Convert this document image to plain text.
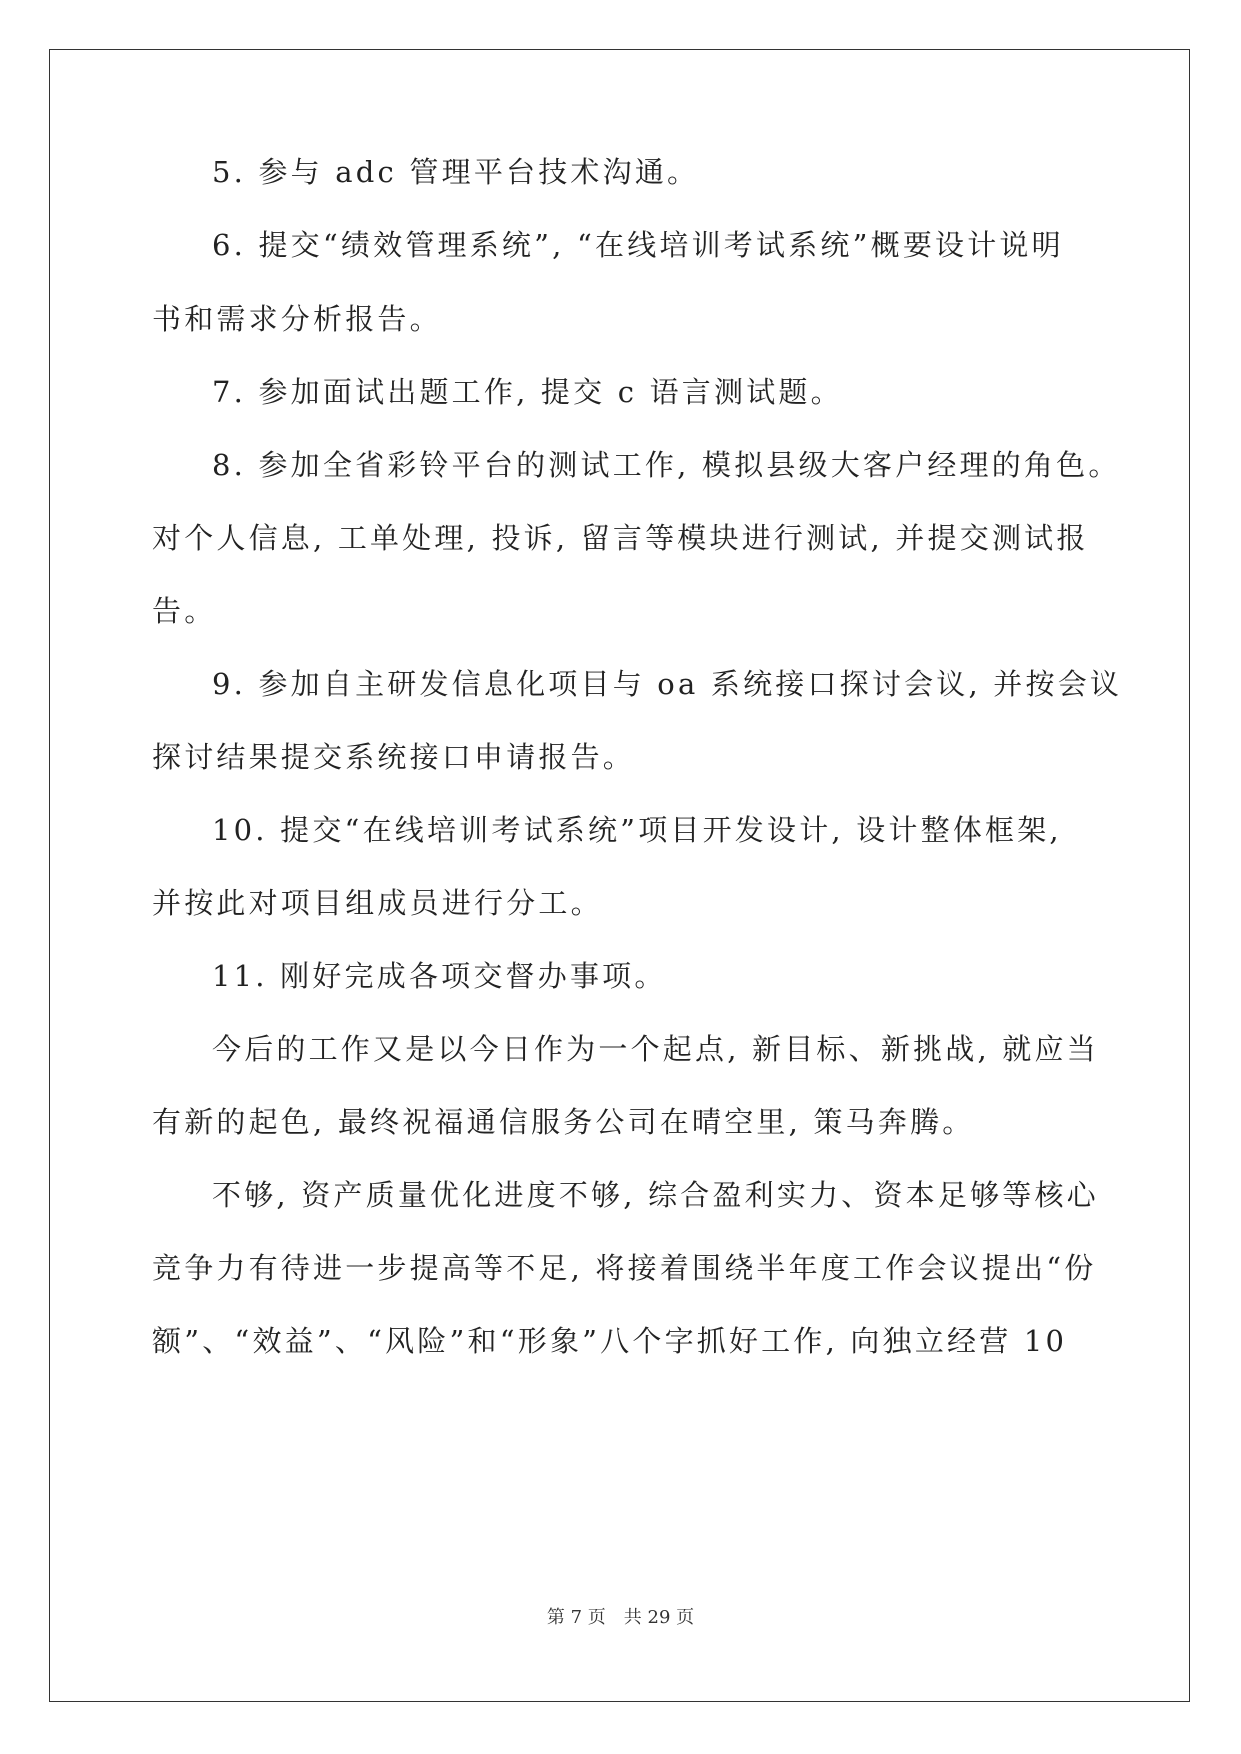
5. 参与 adc 管理平台技术沟通。
6. 提交“绩效管理系统”, “在线培训考试系统”概要设计说明
书和需求分析报告。
7. 参加面试出题工作, 提交 c 语言测试题。
8. 参加全省彩铃平台的测试工作, 模拟县级大客户经理的角色。
对个人信息, 工单处理, 投诉, 留言等模块进行测试, 并提交测试报
告。
9. 参加自主研发信息化项目与 oa 系统接口探讨会议, 并按会议
探讨结果提交系统接口申请报告。
10. 提交“在线培训考试系统”项目开发设计, 设计整体框架,
并按此对项目组成员进行分工。
11. 刚好完成各项交督办事项。
今后的工作又是以今日作为一个起点, 新目标、新挑战, 就应当
有新的起色, 最终祝福通信服务公司在晴空里, 策马奔腾。
不够, 资产质量优化进度不够, 综合盈利实力、资本足够等核心
竞争力有待进一步提高等不足, 将接着围绕半年度工作会议提出“份
额”、“效益”、“风险”和“形象”八个字抓好工作, 向独立经营 10
第 7 页 共 29 页
